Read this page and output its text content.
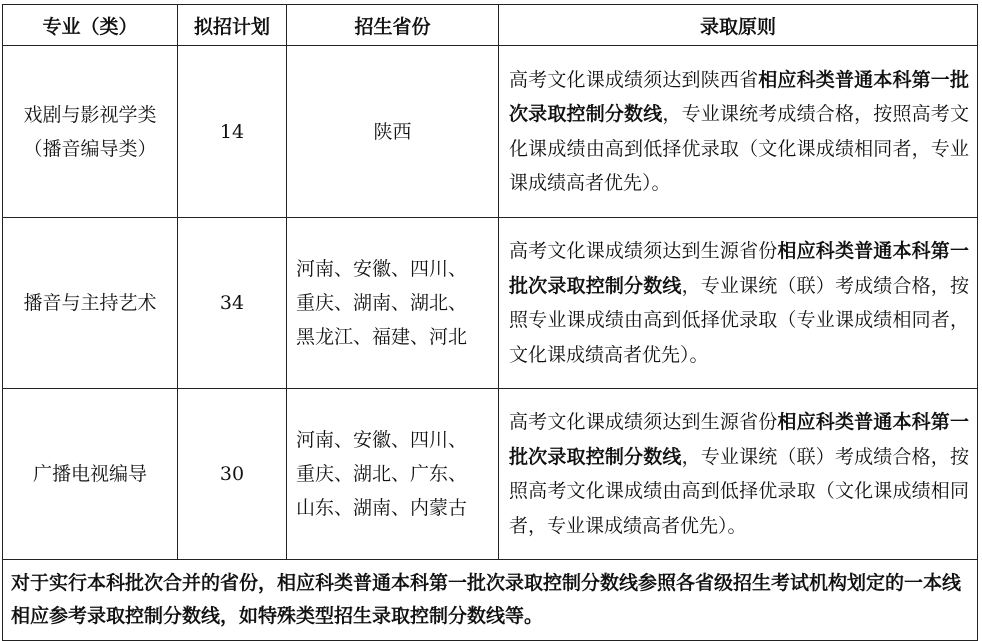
专业（类）	拟招计划	招生省份	录取原则

戏剧与影视学类
（播音编导类）	14	陕西	高考文化课成绩须达到陕西省相应科类普通本科第一批次录取控制分数线，专业课统考成绩合格，按照高考文化课成绩由高到低择优录取（文化课成绩相同者，专业课成绩高者优先）。

播音与主持艺术	34	河南、安徽、四川、
重庆、湖南、湖北、
黑龙江、福建、河北	高考文化课成绩须达到生源省份相应科类普通本科第一批次录取控制分数线，专业课统（联）考成绩合格，按照专业课成绩由高到低择优录取（专业课成绩相同者，文化课成绩高者优先）。

广播电视编导	30	河南、安徽、四川、
重庆、湖北、广东、
山东、湖南、内蒙古	高考文化课成绩须达到生源省份相应科类普通本科第一批次录取控制分数线，专业课统（联）考成绩合格，按照高考文化课成绩由高到低择优录取（文化课成绩相同者，专业课成绩高者优先）。
对于实行本科批次合并的省份，相应科类普通本科第一批次录取控制分数线参照各省级招生考试机构划定的一本线相应参考录取控制分数线，如特殊类型招生录取控制分数线等。			
